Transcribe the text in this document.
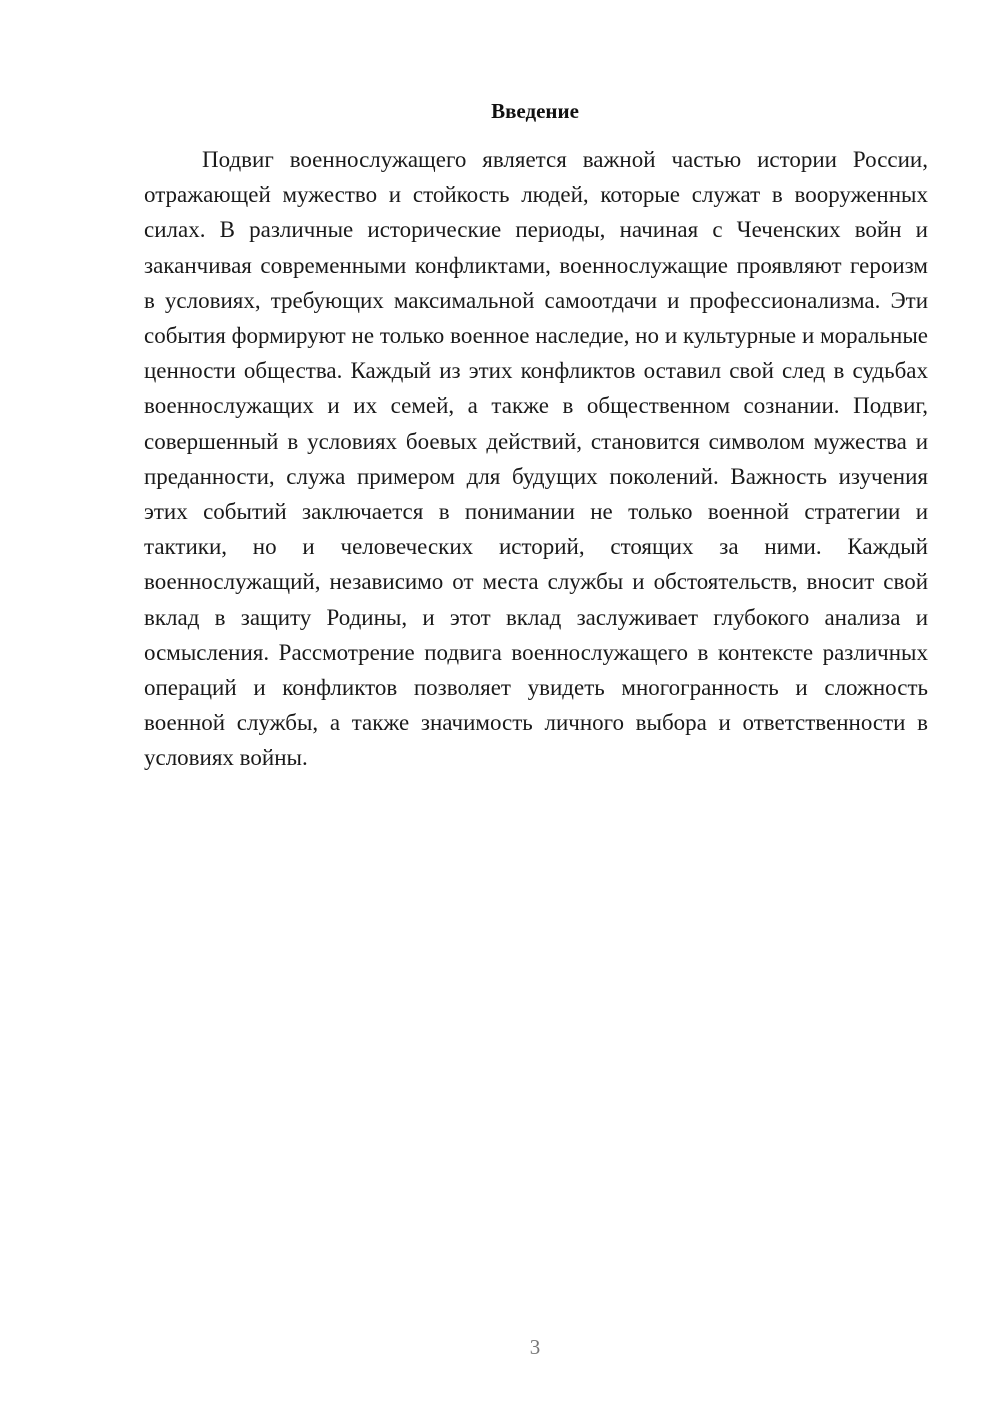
Введение

Подвиг военнослужащего является важной частью истории России, отражающей мужество и стойкость людей, которые служат в вооруженных силах. В различные исторические периоды, начиная с Чеченских войн и заканчивая современными конфликтами, военнослужащие проявляют героизм в условиях, требующих максимальной самоотдачи и профессионализма. Эти события формируют не только военное наследие, но и культурные и моральные ценности общества. Каждый из этих конфликтов оставил свой след в судьбах военнослужащих и их семей, а также в общественном сознании. Подвиг, совершенный в условиях боевых действий, становится символом мужества и преданности, служа примером для будущих поколений. Важность изучения этих событий заключается в понимании не только военной стратегии и тактики, но и человеческих историй, стоящих за ними. Каждый военнослужащий, независимо от места службы и обстоятельств, вносит свой вклад в защиту Родины, и этот вклад заслуживает глубокого анализа и осмысления. Рассмотрение подвига военнослужащего в контексте различных операций и конфликтов позволяет увидеть многогранность и сложность военной службы, а также значимость личного выбора и ответственности в условиях войны.

3
